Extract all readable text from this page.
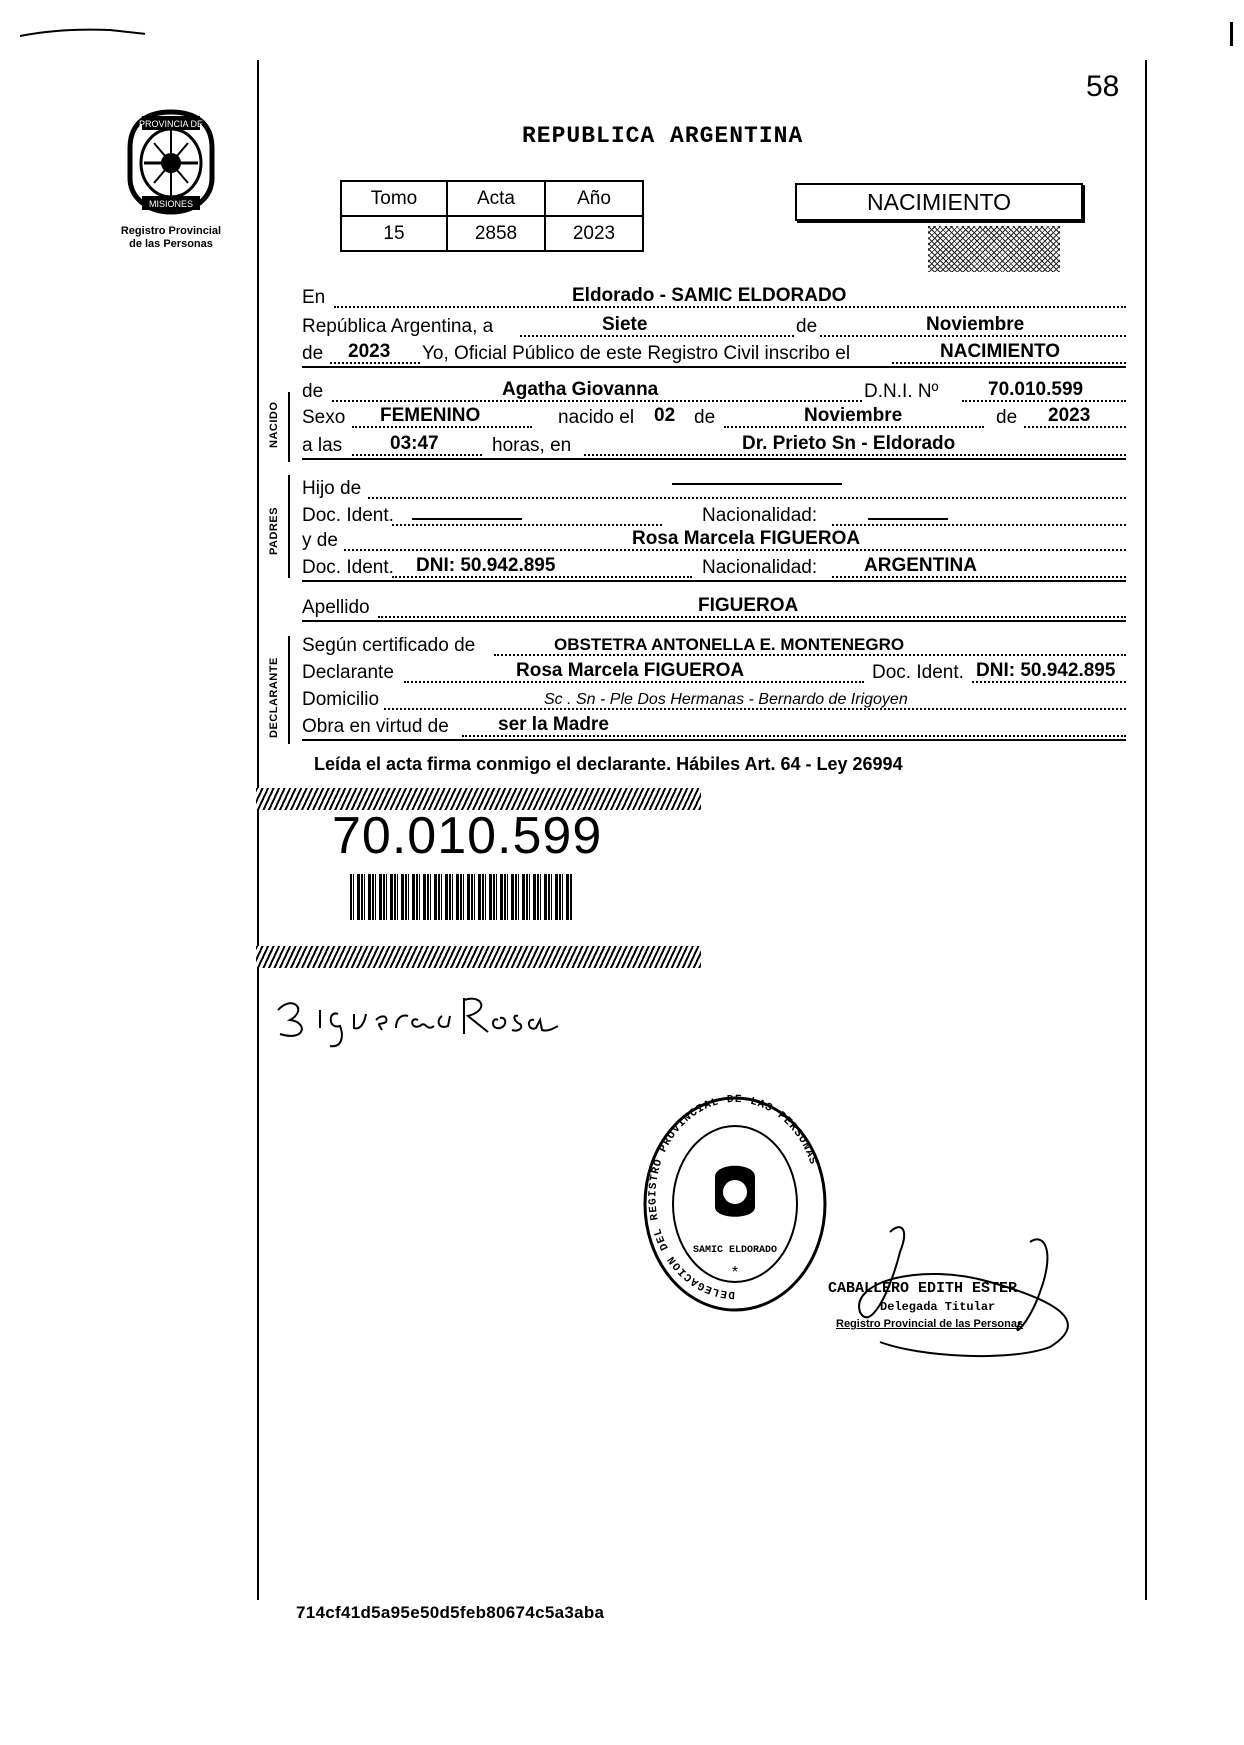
58
PROVINCIA DE
MISIONES
Registro Provincial
de las Personas
REPUBLICA ARGENTINA
Tomo	Acta	Año
15	2858	2023
NACIMIENTO
NACIDO
PADRES
DECLARANTE
En	Eldorado - SAMIC ELDORADO
República Argentina, a	Siete	de	Noviembre
de 2023 Yo, Oficial Público de este Registro Civil inscribo el	NACIMIENTO
de	Agatha Giovanna	D.N.I. Nº	70.010.599
Sexo FEMENINO	nacido el 02 de	Noviembre	de 2023
a las	03:47	horas, en	Dr. Prieto Sn - Eldorado
Hijo de
Doc. Ident.	Nacionalidad:
y de	Rosa Marcela FIGUEROA
Doc. Ident. DNI: 50.942.895	Nacionalidad: ARGENTINA
Apellido	FIGUEROA
Según certificado de	OBSTETRA ANTONELLA E. MONTENEGRO
Declarante	Rosa Marcela FIGUEROA	Doc. Ident. DNI: 50.942.895
Domicilio	Sc . Sn - Ple Dos Hermanas - Bernardo de Irigoyen
Obra en virtud de	ser la Madre
Leída el acta firma conmigo el declarante. Hábiles Art. 64 - Ley 26994
70.010.599
DELEGACION DEL REGISTRO PROVINCIAL DE LAS PERSONAS
SAMIC ELDORADO
*
CABALLERO EDITH ESTER
Delegada Titular
Registro Provincial de las Personas
714cf41d5a95e50d5feb80674c5a3aba
